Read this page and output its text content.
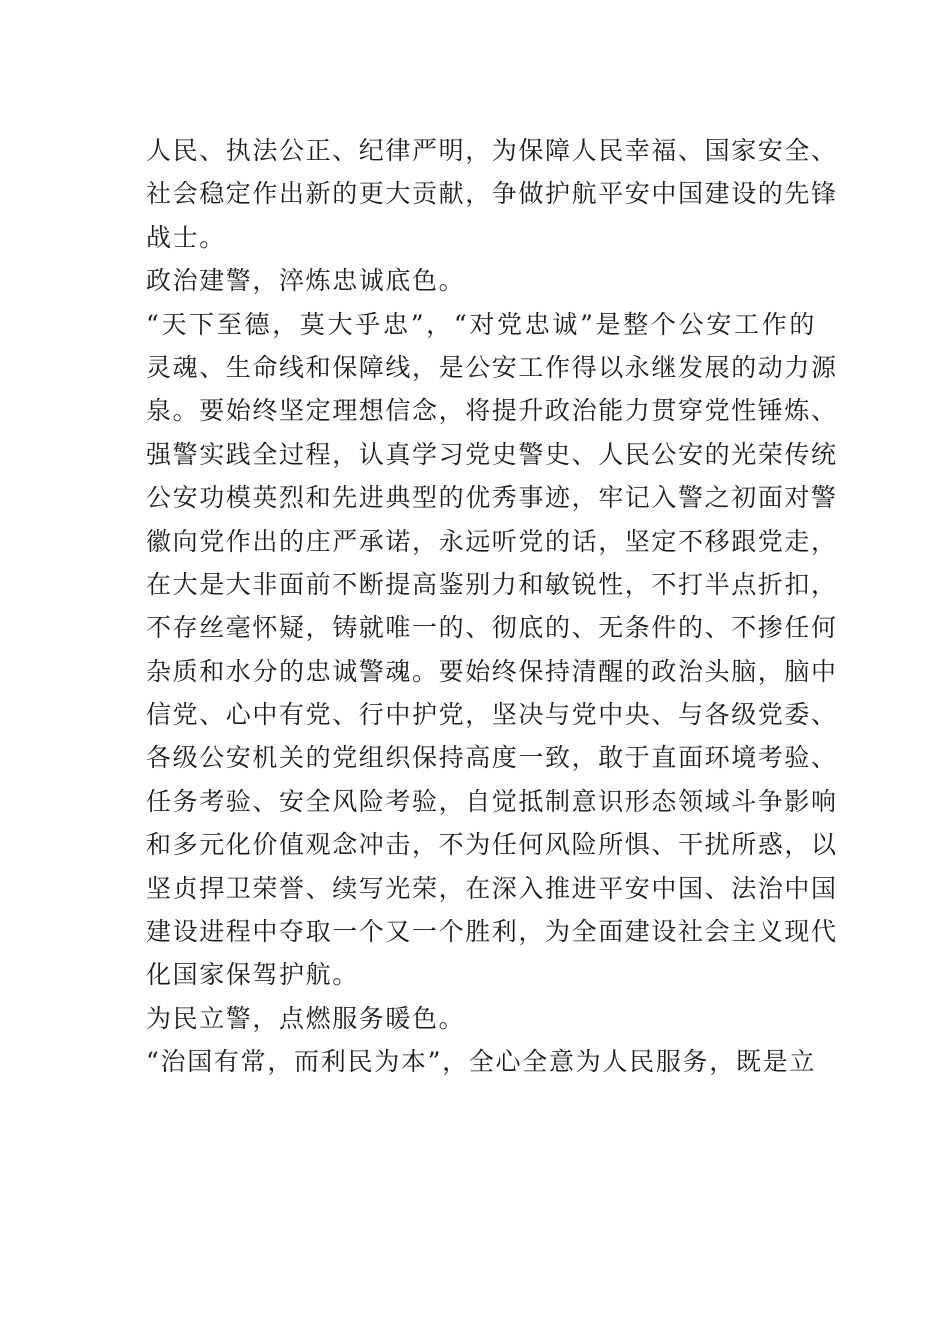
人民、执法公正、纪律严明，为保障人民幸福、国家安全、
社会稳定作出新的更大贡献，争做护航平安中国建设的先锋
战士。
政治建警，淬炼忠诚底色。
“天下至德，莫大乎忠”，“对党忠诚”是整个公安工作的
灵魂、生命线和保障线，是公安工作得以永继发展的动力源
泉。要始终坚定理想信念，将提升政治能力贯穿党性锤炼、
强警实践全过程，认真学习党史警史、人民公安的光荣传统
公安功模英烈和先进典型的优秀事迹，牢记入警之初面对警
徽向党作出的庄严承诺，永远听党的话，坚定不移跟党走，
在大是大非面前不断提高鉴别力和敏锐性，不打半点折扣，
不存丝毫怀疑，铸就唯一的、彻底的、无条件的、不掺任何
杂质和水分的忠诚警魂。要始终保持清醒的政治头脑，脑中
信党、心中有党、行中护党，坚决与党中央、与各级党委、
各级公安机关的党组织保持高度一致，敢于直面环境考验、
任务考验、安全风险考验，自觉抵制意识形态领域斗争影响
和多元化价值观念冲击，不为任何风险所惧、干扰所惑，以
坚贞捍卫荣誉、续写光荣，在深入推进平安中国、法治中国
建设进程中夺取一个又一个胜利，为全面建设社会主义现代
化国家保驾护航。
为民立警，点燃服务暖色。
“治国有常，而利民为本”，全心全意为人民服务，既是立
